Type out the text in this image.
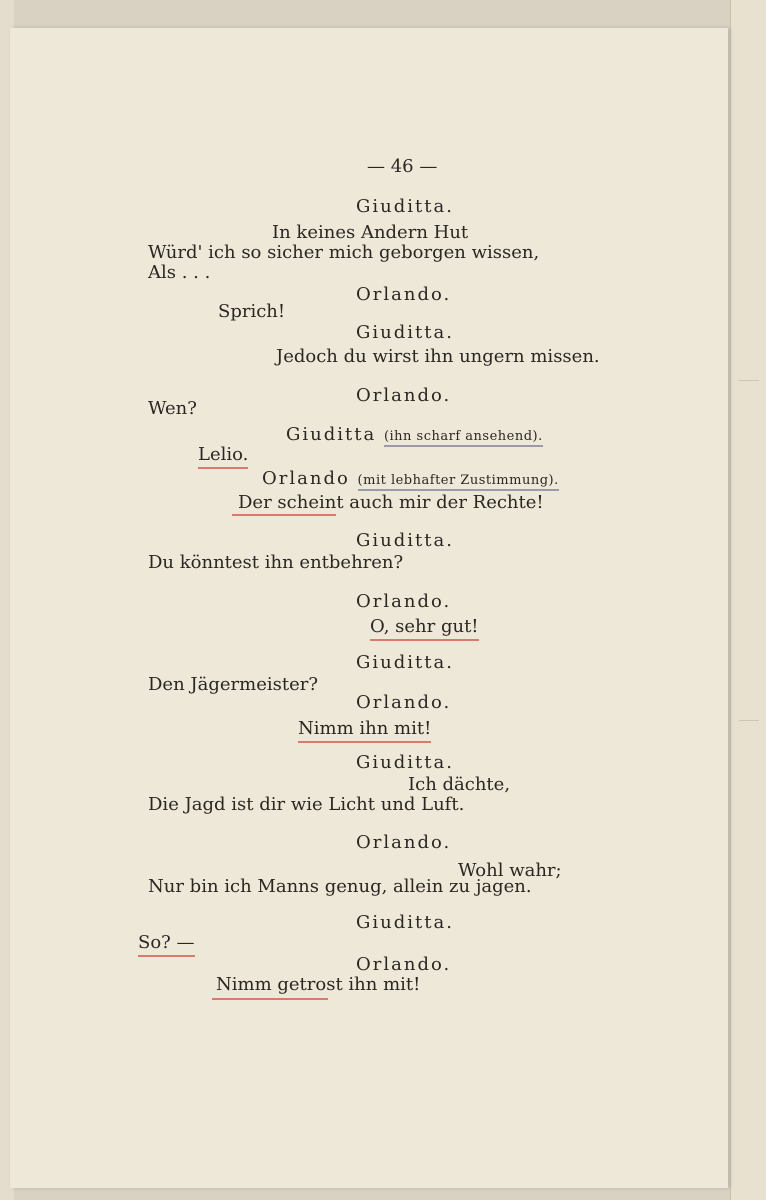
— 46 —
Giuditta.
In keines Andern Hut
Würd' ich so sicher mich geborgen wissen,
Als . . .
Orlando.
Sprich!
Giuditta.
Jedoch du wirst ihn ungern missen.
Orlando.
Wen?
Giuditta (ihn scharf ansehend).
Lelio.
Orlando (mit lebhafter Zustimmung).
Der scheint auch mir der Rechte!
Giuditta.
Du könntest ihn entbehren?
Orlando.
O, sehr gut!
Giuditta.
Den Jägermeister?
Orlando.
Nimm ihn mit!
Giuditta.
Ich dächte,
Die Jagd ist dir wie Licht und Luft.
Orlando.
Wohl wahr;
Nur bin ich Manns genug, allein zu jagen.
Giuditta.
So? —
Orlando.
Nimm getrost ihn mit!
